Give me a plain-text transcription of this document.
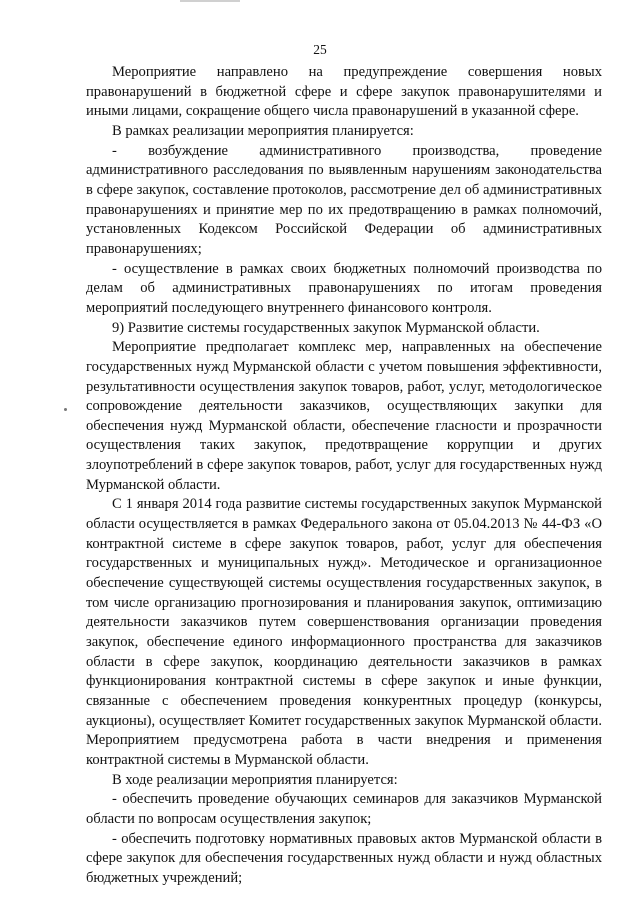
25

Мероприятие направлено на предупреждение совершения новых правонарушений в бюджетной сфере и сфере закупок правонарушителями и иными лицами, сокращение общего числа правонарушений в указанной сфере.

В рамках реализации мероприятия планируется:

- возбуждение административного производства, проведение административного расследования по выявленным нарушениям законодательства в сфере закупок, составление протоколов, рассмотрение дел об административных правонарушениях и принятие мер по их предотвращению в рамках полномочий, установленных Кодексом Российской Федерации об административных правонарушениях;

- осуществление в рамках своих бюджетных полномочий производства по делам об административных правонарушениях по итогам проведения мероприятий последующего внутреннего финансового контроля.

9) Развитие системы государственных закупок Мурманской области.

Мероприятие предполагает комплекс мер, направленных на обеспечение государственных нужд Мурманской области с учетом повышения эффективности, результативности осуществления закупок товаров, работ, услуг, методологическое сопровождение деятельности заказчиков, осуществляющих закупки для обеспечения нужд Мурманской области, обеспечение гласности и прозрачности осуществления таких закупок, предотвращение коррупции и других злоупотреблений в сфере закупок товаров, работ, услуг для государственных нужд Мурманской области.

С 1 января 2014 года развитие системы государственных закупок Мурманской области осуществляется в рамках Федерального закона от 05.04.2013 № 44-ФЗ «О контрактной системе в сфере закупок товаров, работ, услуг для обеспечения государственных и муниципальных нужд». Методическое и организационное обеспечение существующей системы осуществления государственных закупок, в том числе организацию прогнозирования и планирования закупок, оптимизацию деятельности заказчиков путем совершенствования организации проведения закупок, обеспечение единого информационного пространства для заказчиков области в сфере закупок, координацию деятельности заказчиков в рамках функционирования контрактной системы в сфере закупок и иные функции, связанные с обеспечением проведения конкурентных процедур (конкурсы, аукционы), осуществляет Комитет государственных закупок Мурманской области. Мероприятием предусмотрена работа в части внедрения и применения контрактной системы в Мурманской области.

В ходе реализации мероприятия планируется:

- обеспечить проведение обучающих семинаров для заказчиков Мурманской области по вопросам осуществления закупок;

- обеспечить подготовку нормативных правовых актов Мурманской области в сфере закупок для обеспечения государственных нужд области и нужд областных бюджетных учреждений;
